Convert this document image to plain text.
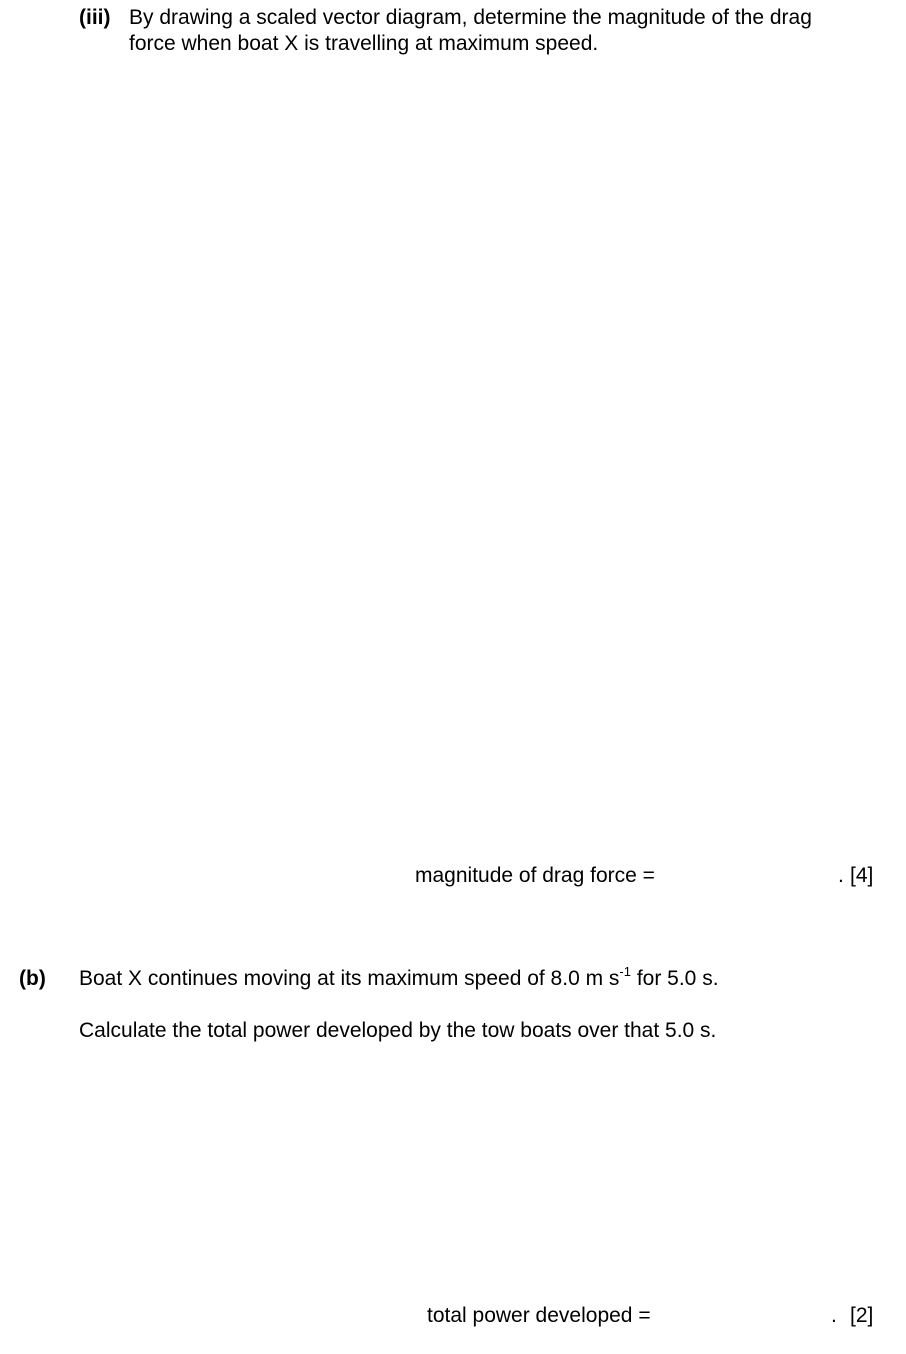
(iii) By drawing a scaled vector diagram, determine the magnitude of the drag
force when boat X is travelling at maximum speed.
magnitude of drag force =	. [4]
(b) Boat X continues moving at its maximum speed of 8.0 m $s^{-1}$ for 5.0 s.
Calculate the total power developed by the tow boats over that 5.0 s.
total power developed =	. [2]
